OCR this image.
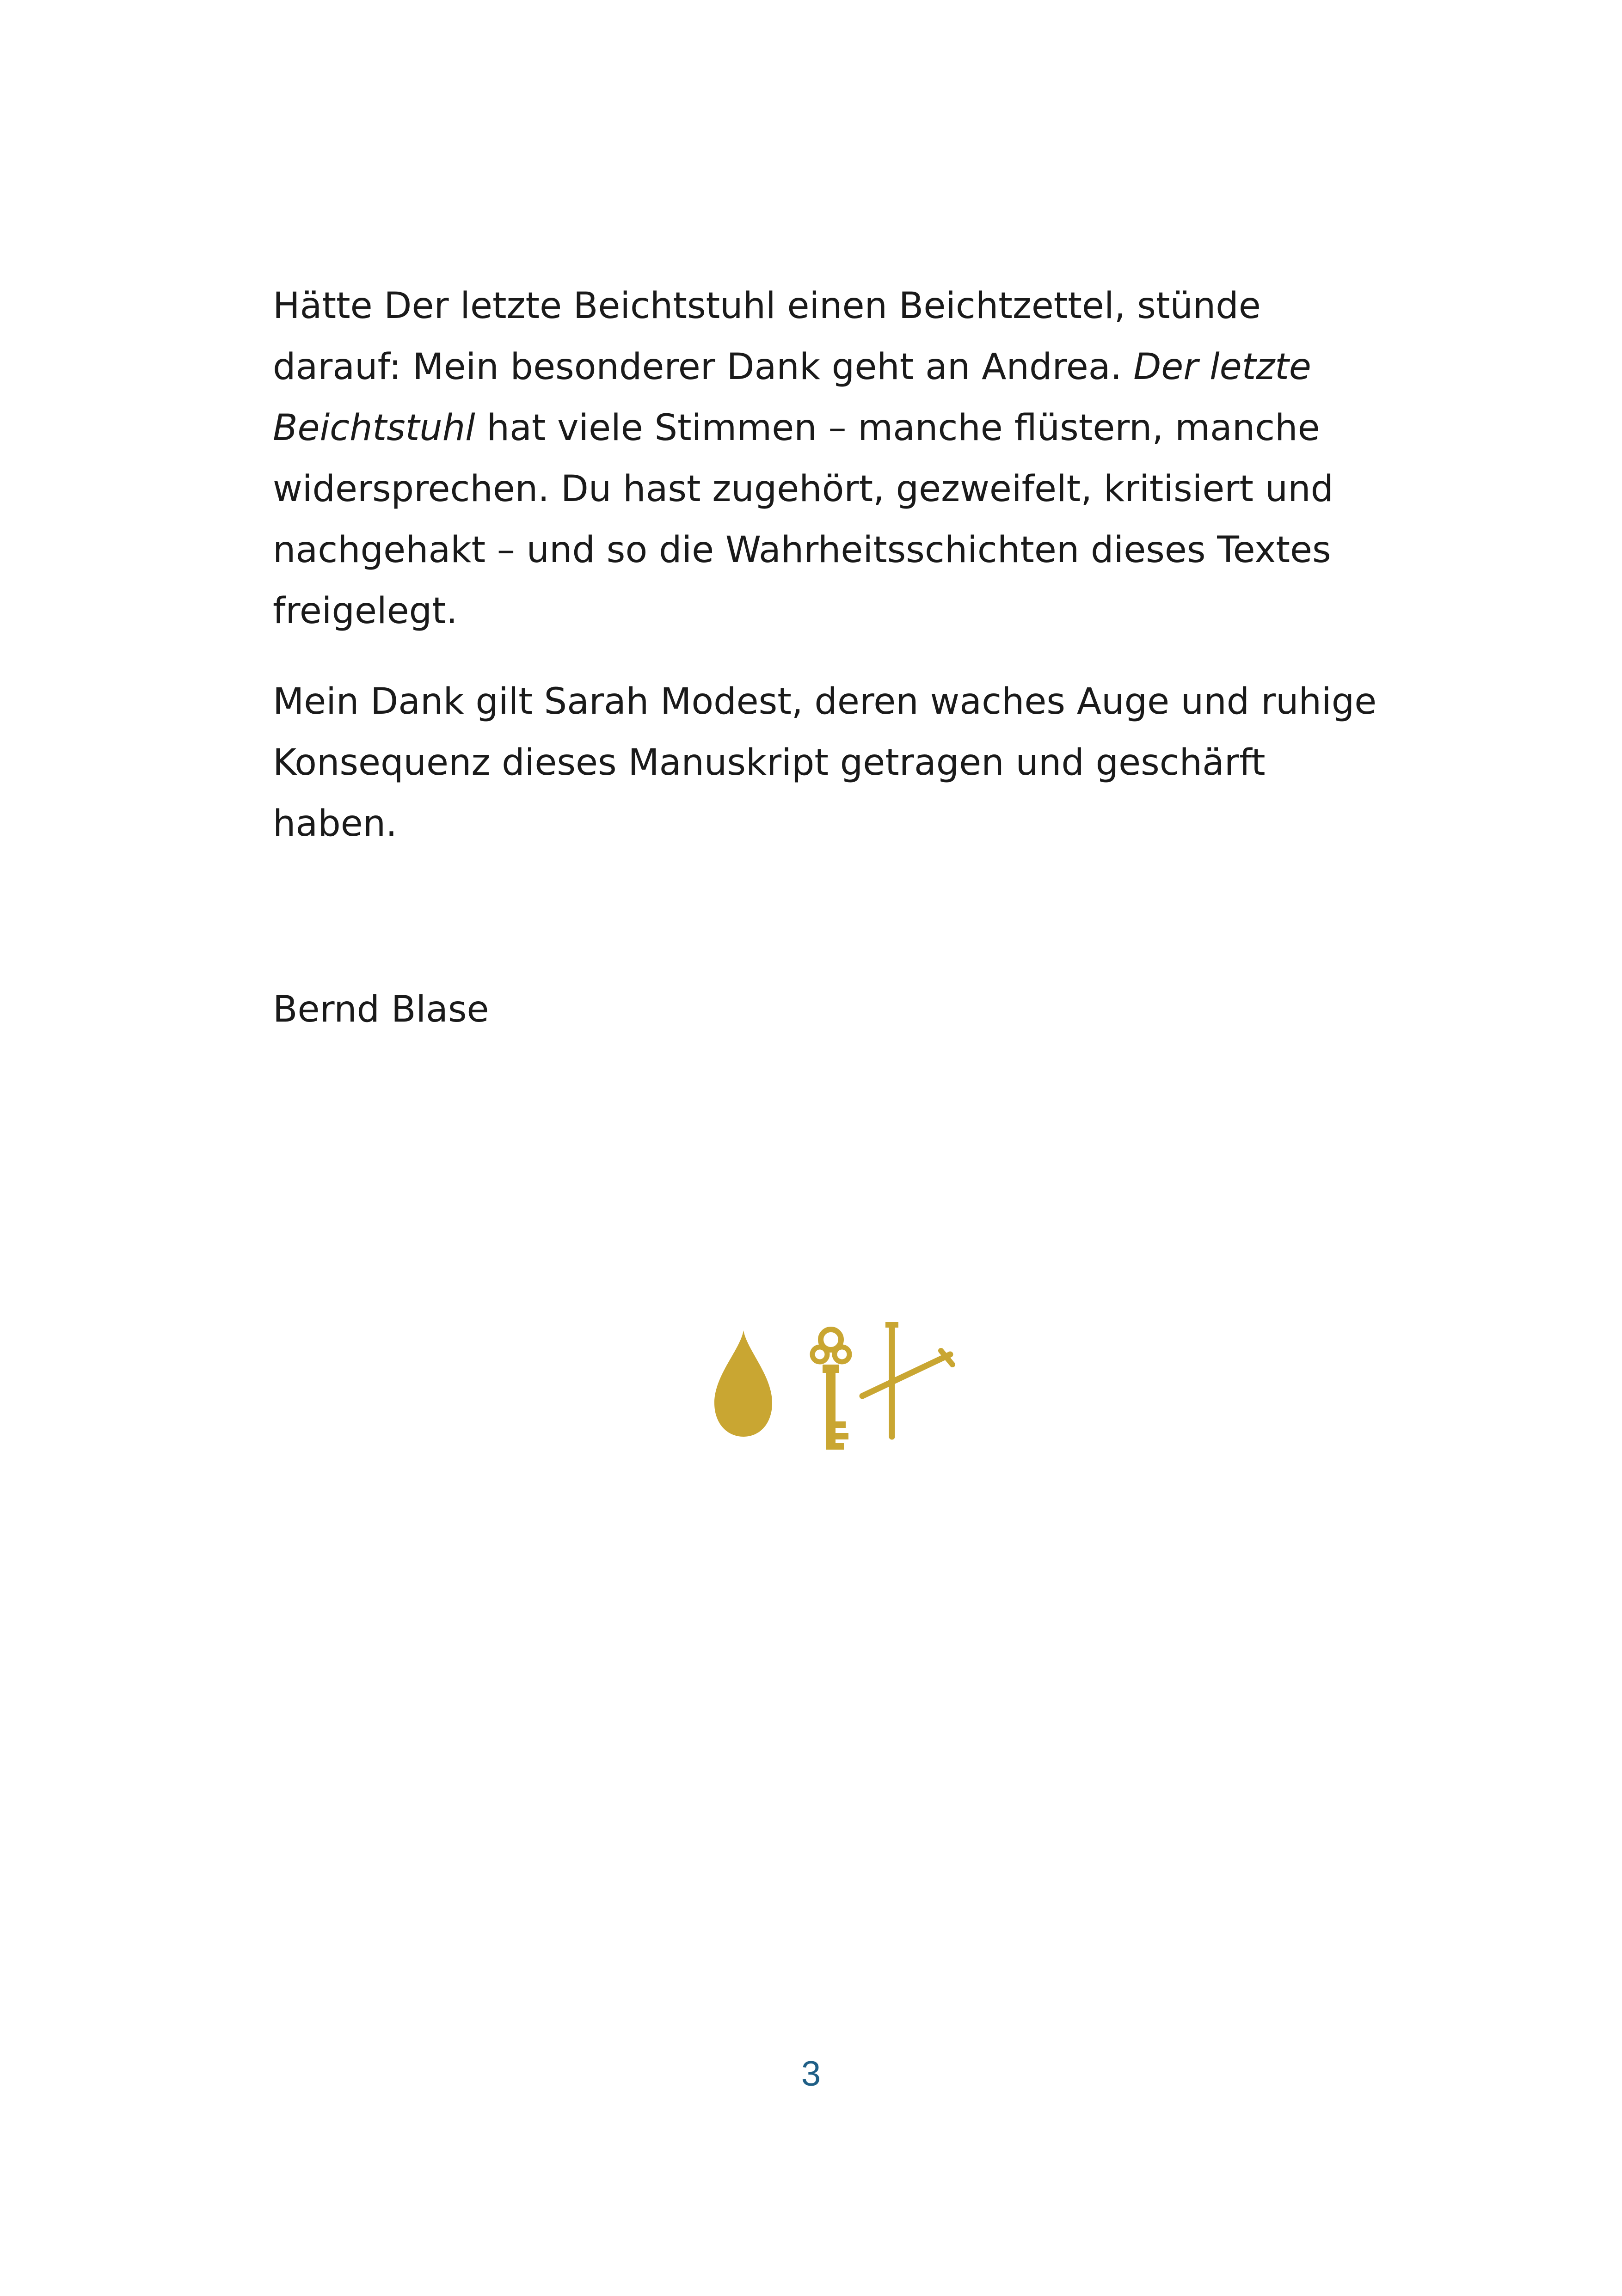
Hätte Der letzte Beichtstuhl einen Beichtzettel, stünde darauf: Mein besonderer Dank geht an Andrea. Der letzte Beichtstuhl hat viele Stimmen – manche flüstern, manche widersprechen. Du hast zugehört, gezweifelt, kritisiert und nachgehakt – und so die Wahrheitsschichten dieses Textes freigelegt.

Mein Dank gilt Sarah Modest, deren waches Auge und ruhige Konsequenz dieses Manuskript getragen und geschärft haben.

Bernd Blase
3
